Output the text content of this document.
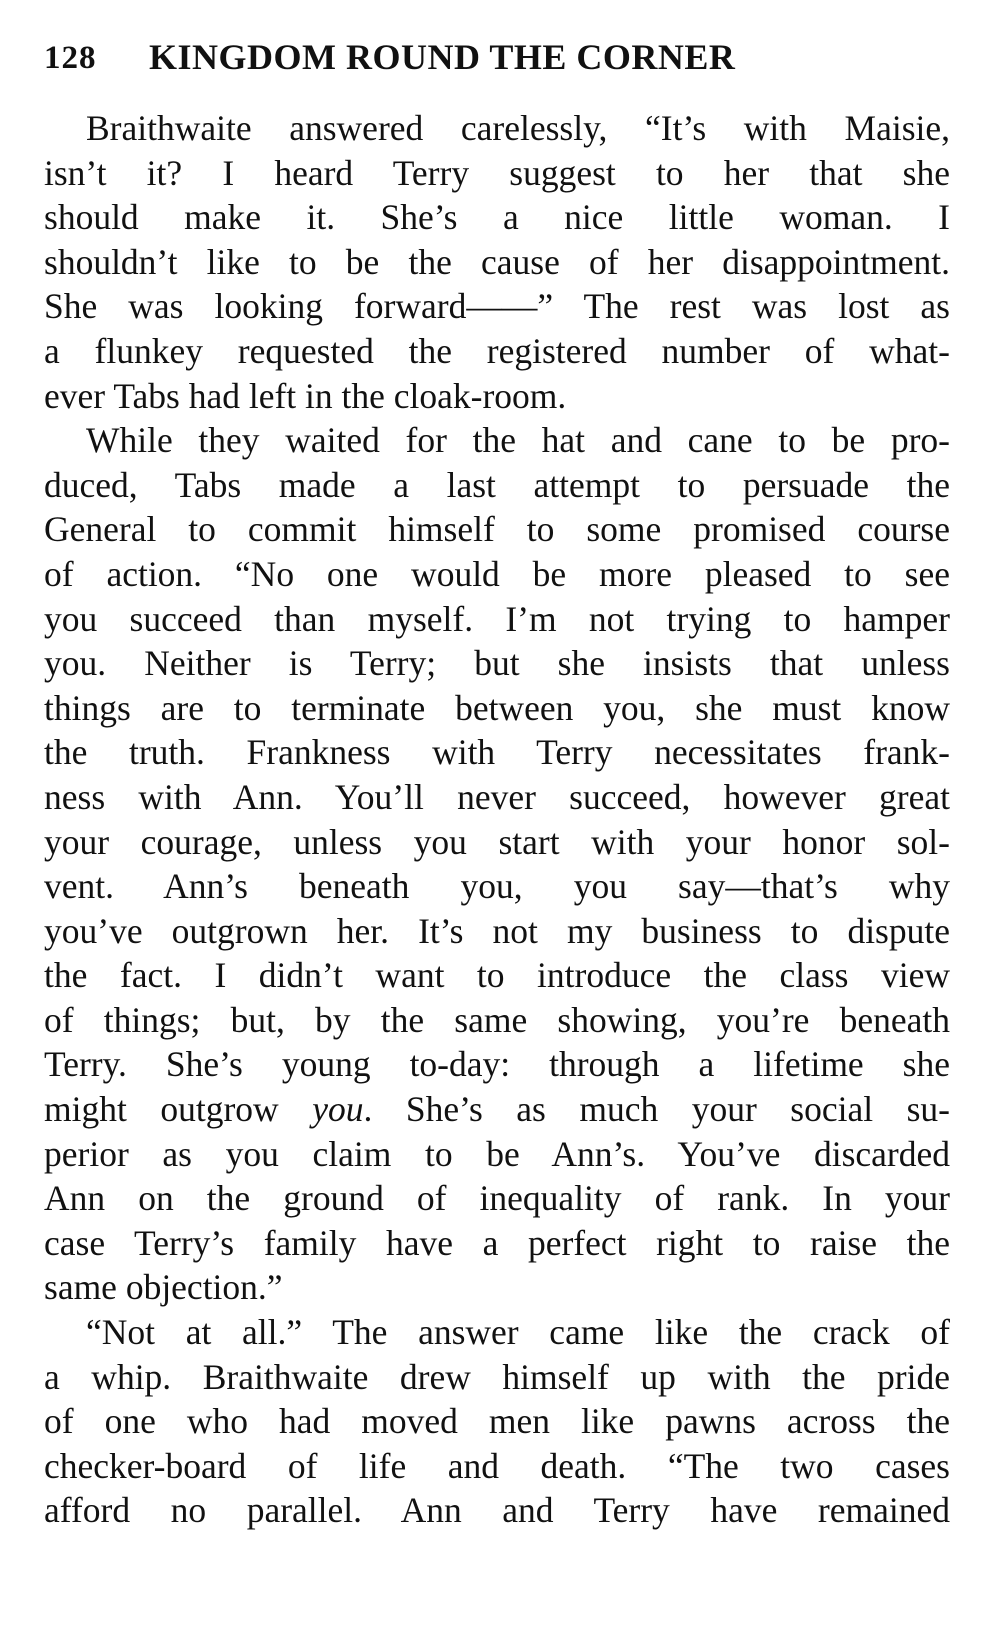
128 KINGDOM ROUND THE CORNER
Braithwaite answered carelessly, “It’s with Maisie,
isn’t it? I heard Terry suggest to her that she
should make it. She’s a nice little woman. I
shouldn’t like to be the cause of her disappointment.
She was looking forward——” The rest was lost as
a flunkey requested the registered number of what-
ever Tabs had left in the cloak-room.
While they waited for the hat and cane to be pro-
duced, Tabs made a last attempt to persuade the
General to commit himself to some promised course
of action. “No one would be more pleased to see
you succeed than myself. I’m not trying to hamper
you. Neither is Terry; but she insists that unless
things are to terminate between you, she must know
the truth. Frankness with Terry necessitates frank-
ness with Ann. You’ll never succeed, however great
your courage, unless you start with your honor sol-
vent. Ann’s beneath you, you say—that’s why
you’ve outgrown her. It’s not my business to dispute
the fact. I didn’t want to introduce the class view
of things; but, by the same showing, you’re beneath
Terry. She’s young to-day: through a lifetime she
might outgrow you. She’s as much your social su-
perior as you claim to be Ann’s. You’ve discarded
Ann on the ground of inequality of rank. In your
case Terry’s family have a perfect right to raise the
same objection.”
“Not at all.” The answer came like the crack of
a whip. Braithwaite drew himself up with the pride
of one who had moved men like pawns across the
checker-board of life and death. “The two cases
afford no parallel. Ann and Terry have remained
